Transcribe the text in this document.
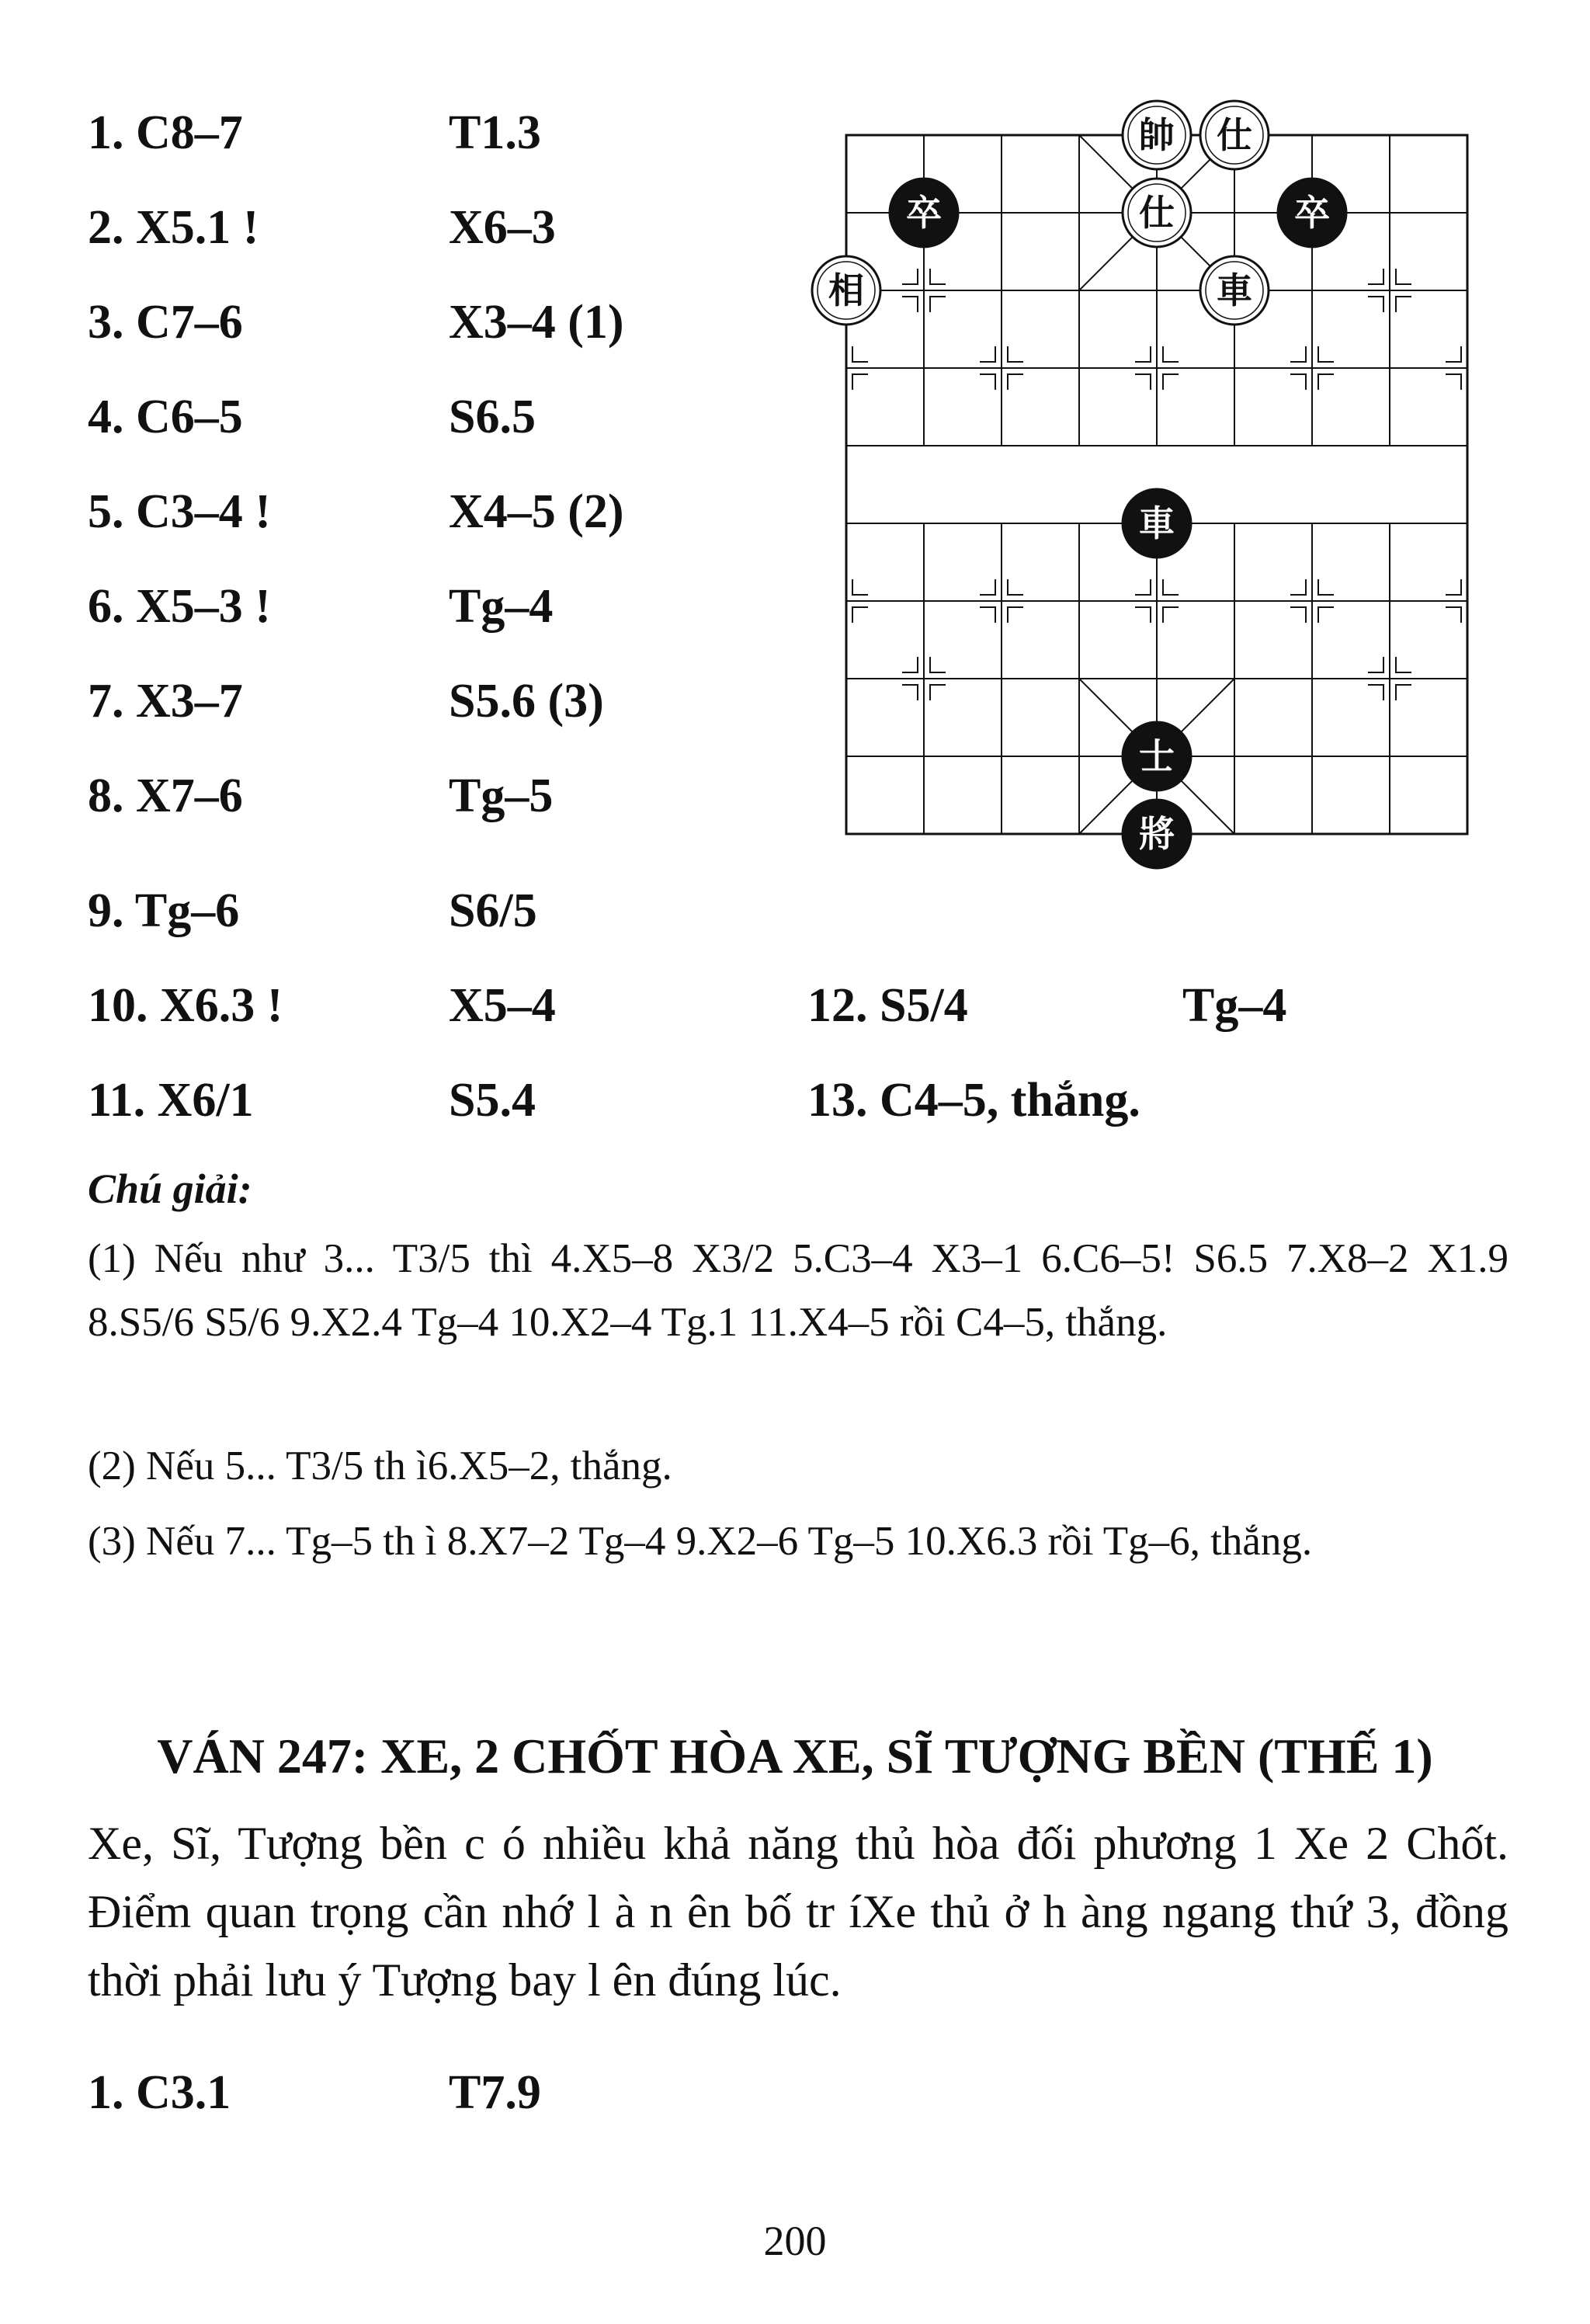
1. C8–7
2. X5.1 !
3. C7–6
4. C6–5
5. C3–4 !
6. X5–3 !
7. X3–7
8. X7–6
9. Tg–6
10. X6.3 !
11. X6/1
T1.3
X6–3
X3–4 (1)
S6.5
X4–5 (2)
Tg–4
S5.6 (3)
Tg–5
S6/5
X5–4
S5.4
12. S5/4
13. C4–5, thắng.
Tg–4
帥 仕
仕
車
相
卒	卒
車
士
將
Chú giải:
(1) Nếu như 3... T3/5 thì 4.X5–8 X3/2 5.C3–4 X3–1 6.C6–5! S6.5 7.X8–2 X1.9 8.S5/6 S5/6 9.X2.4 Tg–4 10.X2–4 Tg.1 11.X4–5 rồi C4–5, thắng.
(2) Nếu 5... T3/5 th ì6.X5–2, thắng.
(3) Nếu 7... Tg–5 th ì 8.X7–2 Tg–4 9.X2–6 Tg–5 10.X6.3 rồi Tg–6, thắng.
VÁN 247: XE, 2 CHỐT HÒA XE, SĨ TƯỢNG BỀN (THẾ 1)
Xe, Sĩ, Tượng bền c ó nhiều khả năng thủ hòa đối phương 1 Xe 2 Chốt. Điểm quan trọng cần nhớ l à n ên bố tr íXe thủ ở h àng ngang thứ 3, đồng thời phải lưu ý Tượng bay l ên đúng lúc.
1. C3.1	T7.9
200
